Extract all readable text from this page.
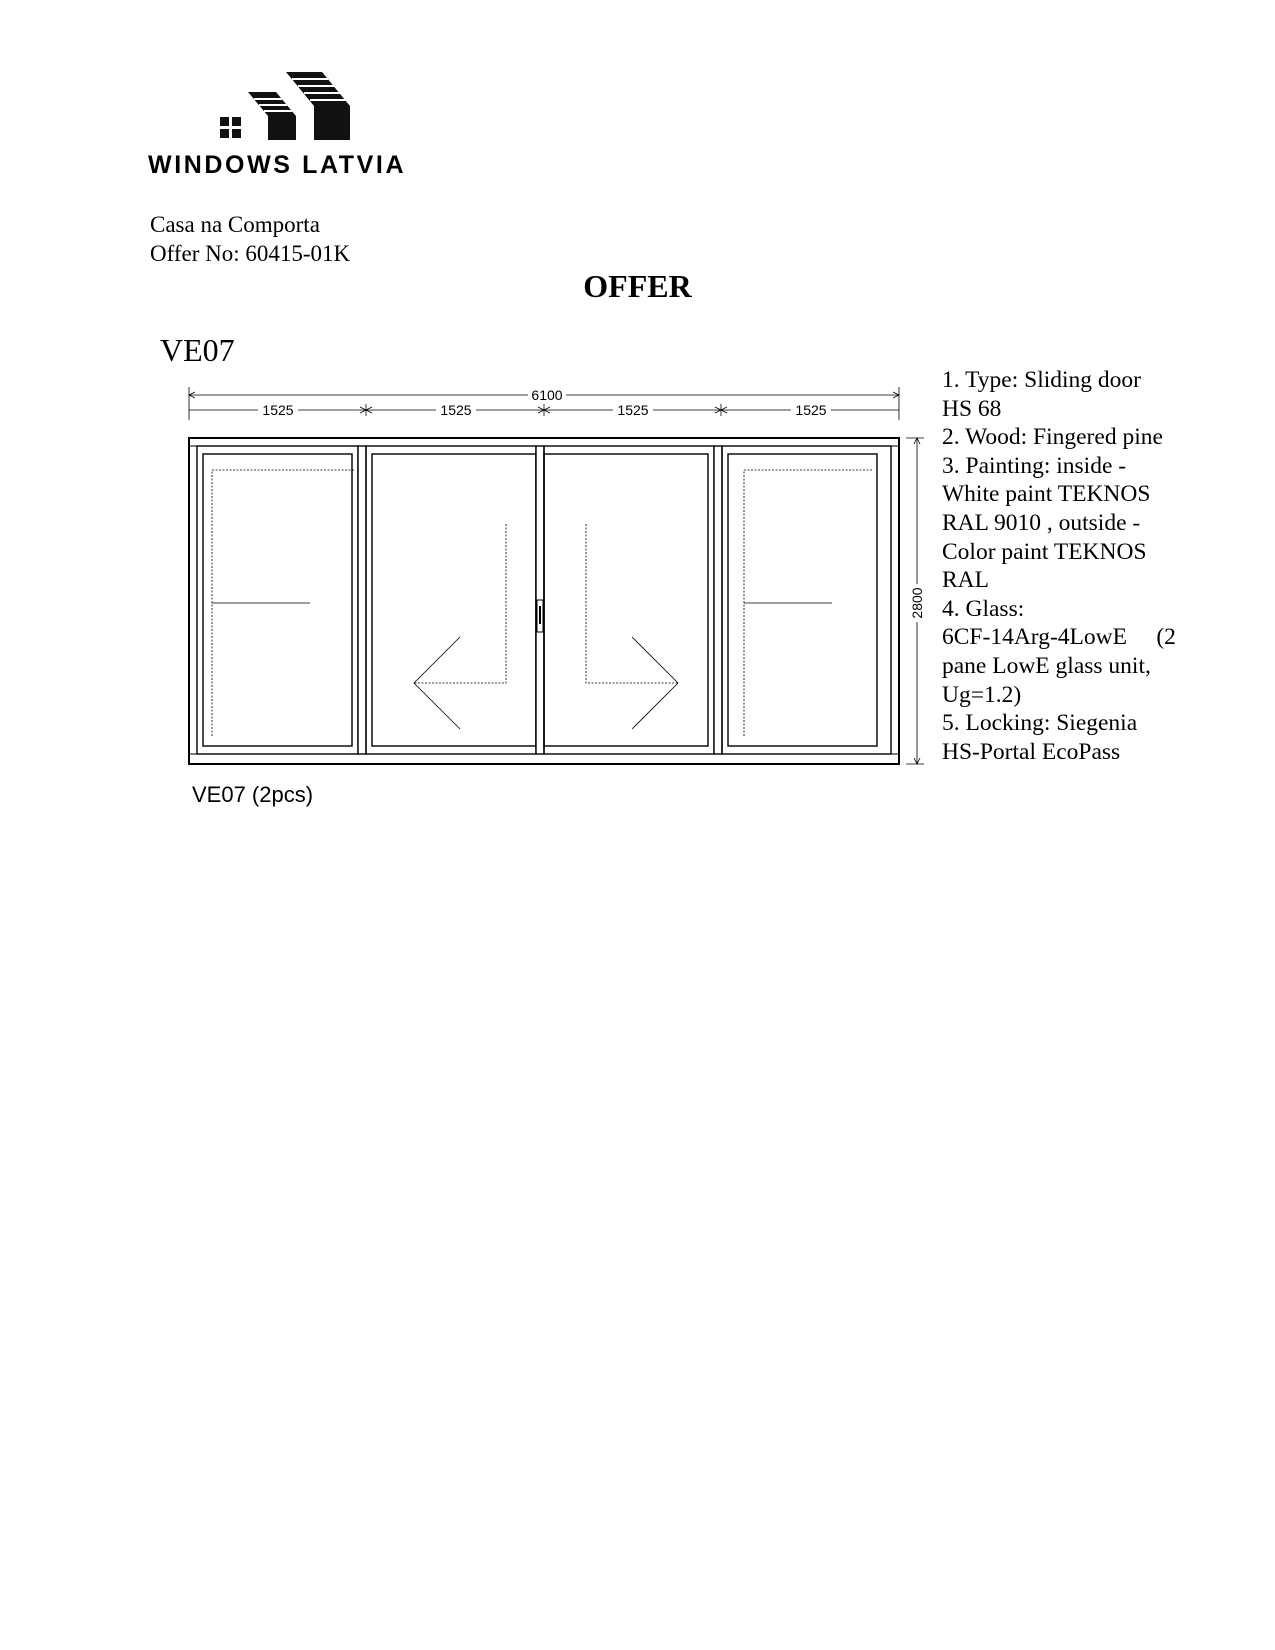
WINDOWS LATVIA
Casa na Comporta
Offer No: 60415-01K
OFFER
VE07
6100
1525	1525	1525	1525
2800
1. Type: Sliding door
HS 68
2. Wood: Fingered pine
3. Painting: inside -
White paint TEKNOS
RAL 9010 , outside -
Color paint TEKNOS
RAL
4. Glass:
6CF-14Arg-4LowE     (2
pane LowE glass unit,
Ug=1.2)
5. Locking: Siegenia
HS-Portal EcoPass
VE07 (2pcs)
